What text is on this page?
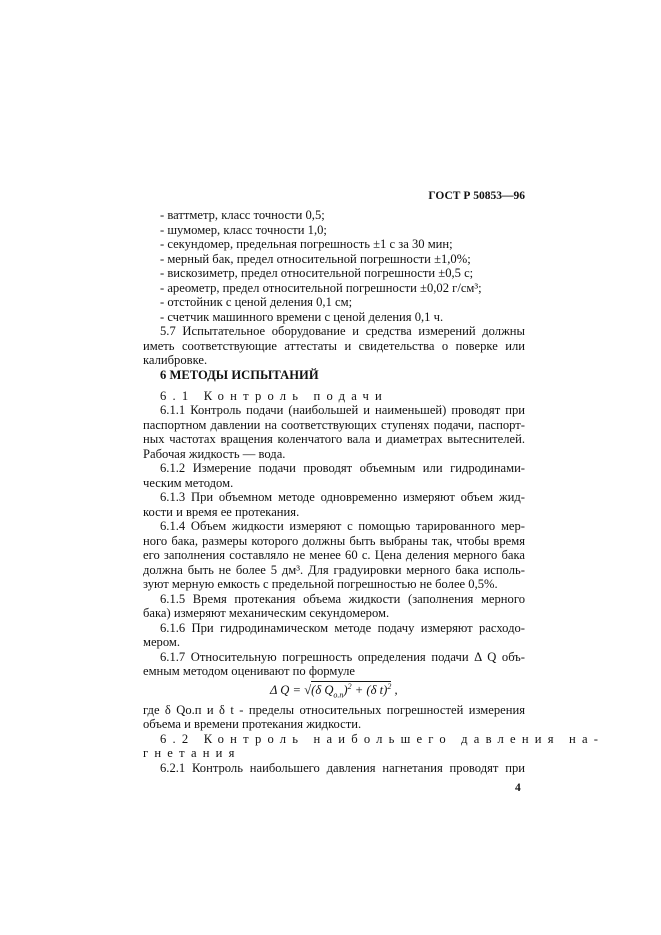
ГОСТ Р 50853—96
- ваттметр, класс точности 0,5;
- шумомер, класс точности 1,0;
- секундомер, предельная погрешность ±1 с за 30 мин;
- мерный бак, предел относительной погрешности ±1,0%;
- вискозиметр, предел относительной погрешности ±0,5 с;
- ареометр, предел относительной погрешности ±0,02 г/см³;
- отстойник с ценой деления 0,1 см;
- счетчик машинного времени с ценой деления 0,1 ч.
5.7 Испытательное оборудование и средства измерений должны
иметь соответствующие аттестаты и свидетельства о поверке или
калибровке.
6 МЕТОДЫ ИСПЫТАНИЙ
6.1 Контроль подачи
6.1.1 Контроль подачи (наибольшей и наименьшей) проводят при
паспортном давлении на соответствующих ступенях подачи, паспорт-
ных частотах вращения коленчатого вала и диаметрах вытеснителей.
Рабочая жидкость — вода.
6.1.2 Измерение подачи проводят объемным или гидродинами-
ческим методом.
6.1.3 При объемном методе одновременно измеряют объем жид-
кости и время ее протекания.
6.1.4 Объем жидкости измеряют с помощью тарированного мер-
ного бака, размеры которого должны быть выбраны так, чтобы время
его заполнения составляло не менее 60 с. Цена деления мерного бака
должна быть не более 5 дм³. Для градуировки мерного бака исполь-
зуют мерную емкость с предельной погрешностью не более 0,5%.
6.1.5 Время протекания объема жидкости (заполнения мерного
бака) измеряют механическим секундомером.
6.1.6 При гидродинамическом методе подачу измеряют расходо-
мером.
6.1.7 Относительную погрешность определения подачи Δ Q объ-
емным методом оценивают по формуле
где δ Qо.п и δ t - пределы относительных погрешностей измерения
объема и времени протекания жидкости.
6.2 Контроль наибольшего давления на-
гнетания
6.2.1 Контроль наибольшего давления нагнетания проводят при
Δ Q = √(δ $Q_{о.п})^2 + (\delta$ t)$^2$ ,
4
